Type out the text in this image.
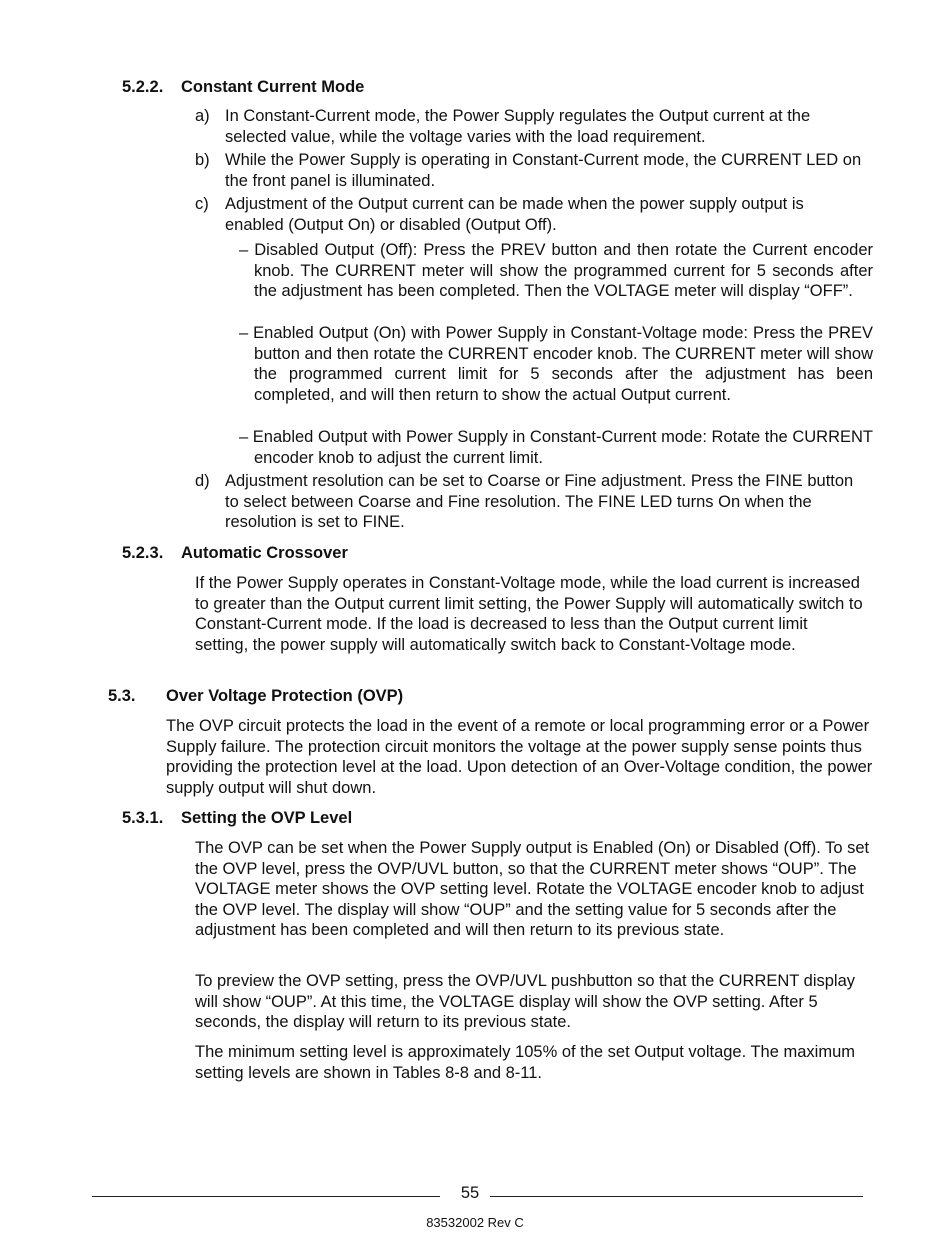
5.2.2. Constant Current Mode
a) In Constant-Current mode, the Power Supply regulates the Output current at the selected value, while the voltage varies with the load requirement.
b) While the Power Supply is operating in Constant-Current mode, the CURRENT LED on the front panel is illuminated.
c) Adjustment of the Output current can be made when the power supply output is enabled (Output On) or disabled (Output Off).
– Disabled Output (Off): Press the PREV button and then rotate the Current encoder knob. The CURRENT meter will show the programmed current for 5 seconds after the adjustment has been completed. Then the VOLTAGE meter will display “OFF”.
– Enabled Output (On) with Power Supply in Constant-Voltage mode: Press the PREV button and then rotate the CURRENT encoder knob. The CURRENT meter will show the programmed current limit for 5 seconds after the adjustment has been completed, and will then return to show the actual Output current.
– Enabled Output with Power Supply in Constant-Current mode: Rotate the CURRENT encoder knob to adjust the current limit.
d) Adjustment resolution can be set to Coarse or Fine adjustment. Press the FINE button to select between Coarse and Fine resolution. The FINE LED turns On when the resolution is set to FINE.
5.2.3. Automatic Crossover
If the Power Supply operates in Constant-Voltage mode, while the load current is increased to greater than the Output current limit setting, the Power Supply will automatically switch to Constant-Current mode. If the load is decreased to less than the Output current limit setting, the power supply will automatically switch back to Constant-Voltage mode.
5.3. Over Voltage Protection (OVP)
The OVP circuit protects the load in the event of a remote or local programming error or a Power Supply failure. The protection circuit monitors the voltage at the power supply sense points thus providing the protection level at the load. Upon detection of an Over-Voltage condition, the power supply output will shut down.
5.3.1. Setting the OVP Level
The OVP can be set when the Power Supply output is Enabled (On) or Disabled (Off). To set the OVP level, press the OVP/UVL button, so that the CURRENT meter shows “OUP”. The VOLTAGE meter shows the OVP setting level. Rotate the VOLTAGE encoder knob to adjust the OVP level. The display will show “OUP” and the setting value for 5 seconds after the adjustment has been completed and will then return to its previous state.
To preview the OVP setting, press the OVP/UVL pushbutton so that the CURRENT display will show “OUP”. At this time, the VOLTAGE display will show the OVP setting. After 5 seconds, the display will return to its previous state.
The minimum setting level is approximately 105% of the set Output voltage. The maximum setting levels are shown in Tables 8-8 and 8-11.
55
83532002 Rev C
